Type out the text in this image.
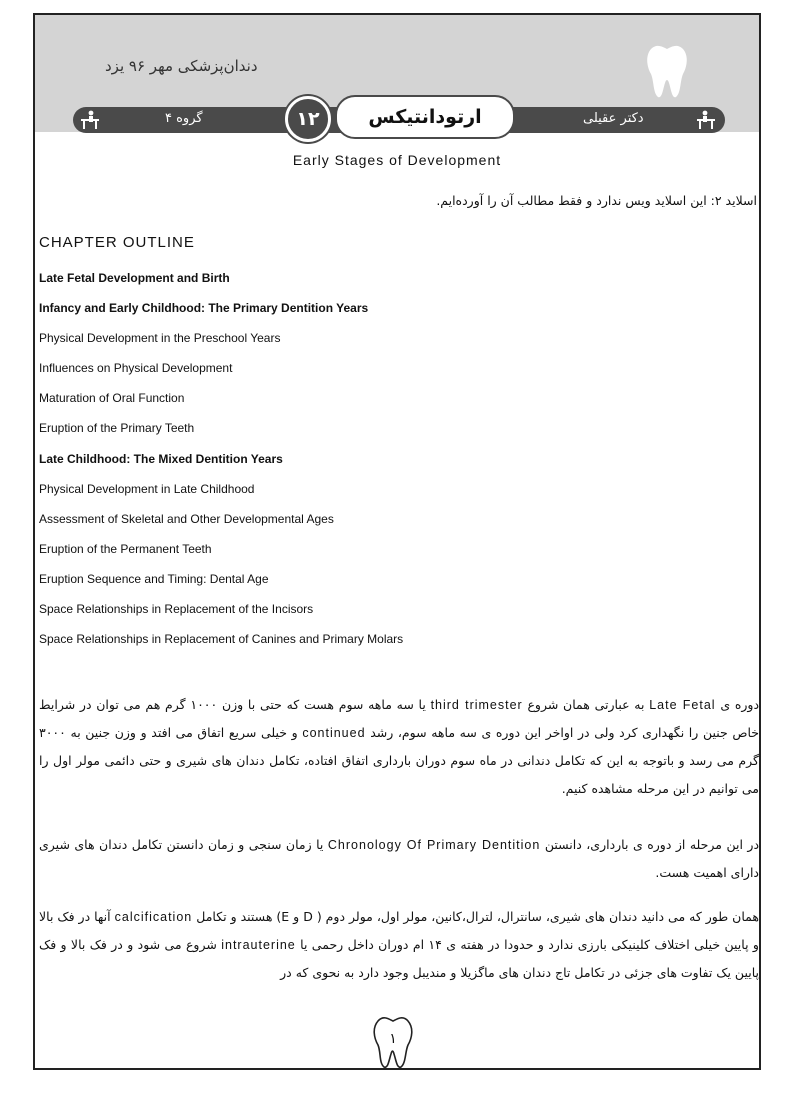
دندان‌پزشکی مهر ۹۶ یزد
گروه ۴	دکتر عقیلی
۱۲	ارتودانتیکس
Early Stages of Development
اسلاید ۲: این اسلاید ویس ندارد و فقط مطالب آن را آورده‌ایم.
CHAPTER OUTLINE
Late Fetal Development and Birth
Infancy and Early Childhood: The Primary Dentition Years
Physical Development in the Preschool Years
Influences on Physical Development
Maturation of Oral Function
Eruption of the Primary Teeth
Late Childhood: The Mixed Dentition Years
Physical Development in Late Childhood
Assessment of Skeletal and Other Developmental Ages
Eruption of the Permanent Teeth
Eruption Sequence and Timing: Dental Age
Space Relationships in Replacement of the Incisors
Space Relationships in Replacement of Canines and Primary Molars
دوره ی Late Fetal به عبارتی همان شروع third trimester یا سه ماهه سوم هست که حتی با وزن ۱۰۰۰ گرم هم می توان در شرایط خاص جنین را نگهداری کرد ولی در اواخر این دوره ی سه ماهه سوم، رشد continued و خیلی سریع اتفاق می افتد و وزن جنین به ۳۰۰۰ گرم می رسد و باتوجه به این که تکامل دندانی در ماه سوم دوران بارداری اتفاق افتاده، تکامل دندان های شیری و حتی دائمی مولر اول را می توانیم در این مرحله مشاهده کنیم.
در این مرحله از دوره ی بارداری، دانستن Chronology Of Primary Dentition یا زمان سنجی و زمان دانستن تکامل دندان های شیری دارای اهمیت هست.
همان طور که می دانید دندان های شیری، سانترال، لترال،کانین، مولر اول، مولر دوم ( D و E) هستند و تکامل calcification آنها در فک بالا و پایین خیلی اختلاف کلینیکی بارزی ندارد و حدودا در هفته ی ۱۴ ام دوران داخل رحمی یا intrauterine شروع می شود و در فک بالا و فک پایین یک تفاوت های جزئی در تکامل تاج دندان های ماگزیلا و مندیبل وجود دارد به نحوی که در
۱
